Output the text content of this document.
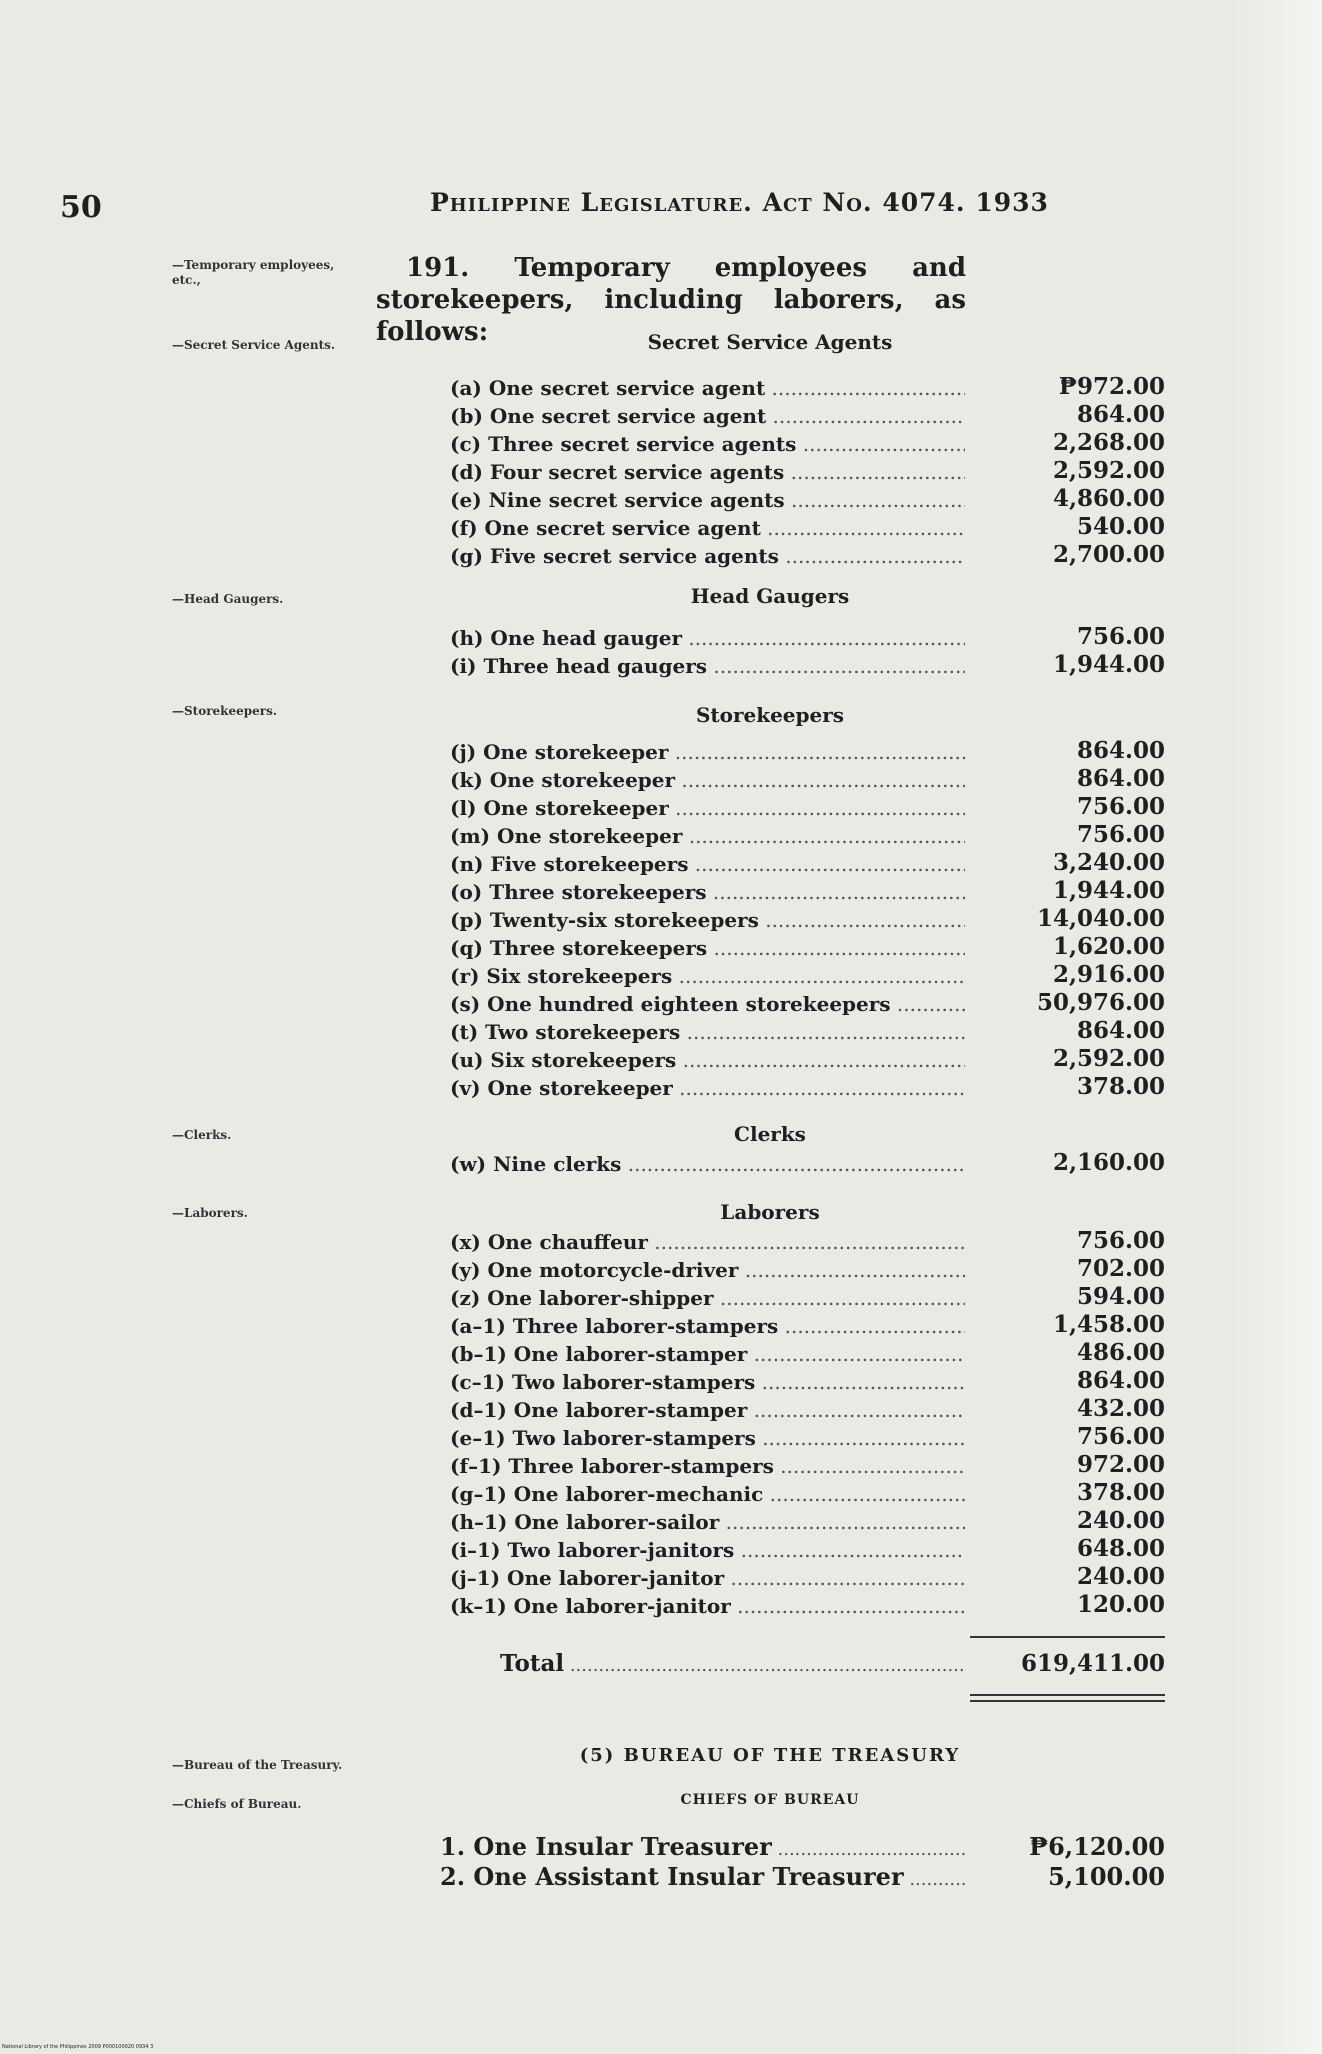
50	Philippine Legislature. Act No. 4074. 1933
—Temporary employees, etc.,	191. Temporary employees and storekeepers, including laborers, as follows:
—Secret Service Agents.	Secret Service Agents
(a) One secret service agent .....	₱972.00
(b) One secret service agent .....	864.00
(c) Three secret service agents .....	2,268.00
(d) Four secret service agents .....	2,592.00
(e) Nine secret service agents .....	4,860.00
(f) One secret service agent .....	540.00
(g) Five secret service agents .....	2,700.00
—Head Gaugers.	Head Gaugers
(h) One head gauger .....	756.00
(i) Three head gaugers .....	1,944.00
—Storekeepers.	Storekeepers
(j) One storekeeper .....	864.00
(k) One storekeeper .....	864.00
(l) One storekeeper .....	756.00
(m) One storekeeper .....	756.00
(n) Five storekeepers .....	3,240.00
(o) Three storekeepers .....	1,944.00
(p) Twenty-six storekeepers .....	14,040.00
(q) Three storekeepers .....	1,620.00
(r) Six storekeepers .....	2,916.00
(s) One hundred eighteen storekeepers .....	50,976.00
(t) Two storekeepers .....	864.00
(u) Six storekeepers .....	2,592.00
(v) One storekeeper .....	378.00
—Clerks.	Clerks
(w) Nine clerks .....	2,160.00
—Laborers.	Laborers
(x) One chauffeur .....	756.00
(y) One motorcycle-driver .....	702.00
(z) One laborer-shipper .....	594.00
(a–1) Three laborer-stampers .....	1,458.00
(b–1) One laborer-stamper .....	486.00
(c–1) Two laborer-stampers .....	864.00
(d–1) One laborer-stamper .....	432.00
(e–1) Two laborer-stampers .....	756.00
(f–1) Three laborer-stampers .....	972.00
(g–1) One laborer-mechanic .....	378.00
(h–1) One laborer-sailor .....	240.00
(i–1) Two laborer-janitors .....	648.00
(j–1) One laborer-janitor .....	240.00
(k–1) One laborer-janitor .....	120.00
Total .....	619,411.00
—Bureau of the Treasury.	(5) BUREAU OF THE TREASURY
—Chiefs of Bureau.	CHIEFS OF BUREAU
1. One Insular Treasurer .....	₱6,120.00
2. One Assistant Insular Treasurer .....	5,100.00
National Library of the Philippines 2009 P000100020 0934 3
